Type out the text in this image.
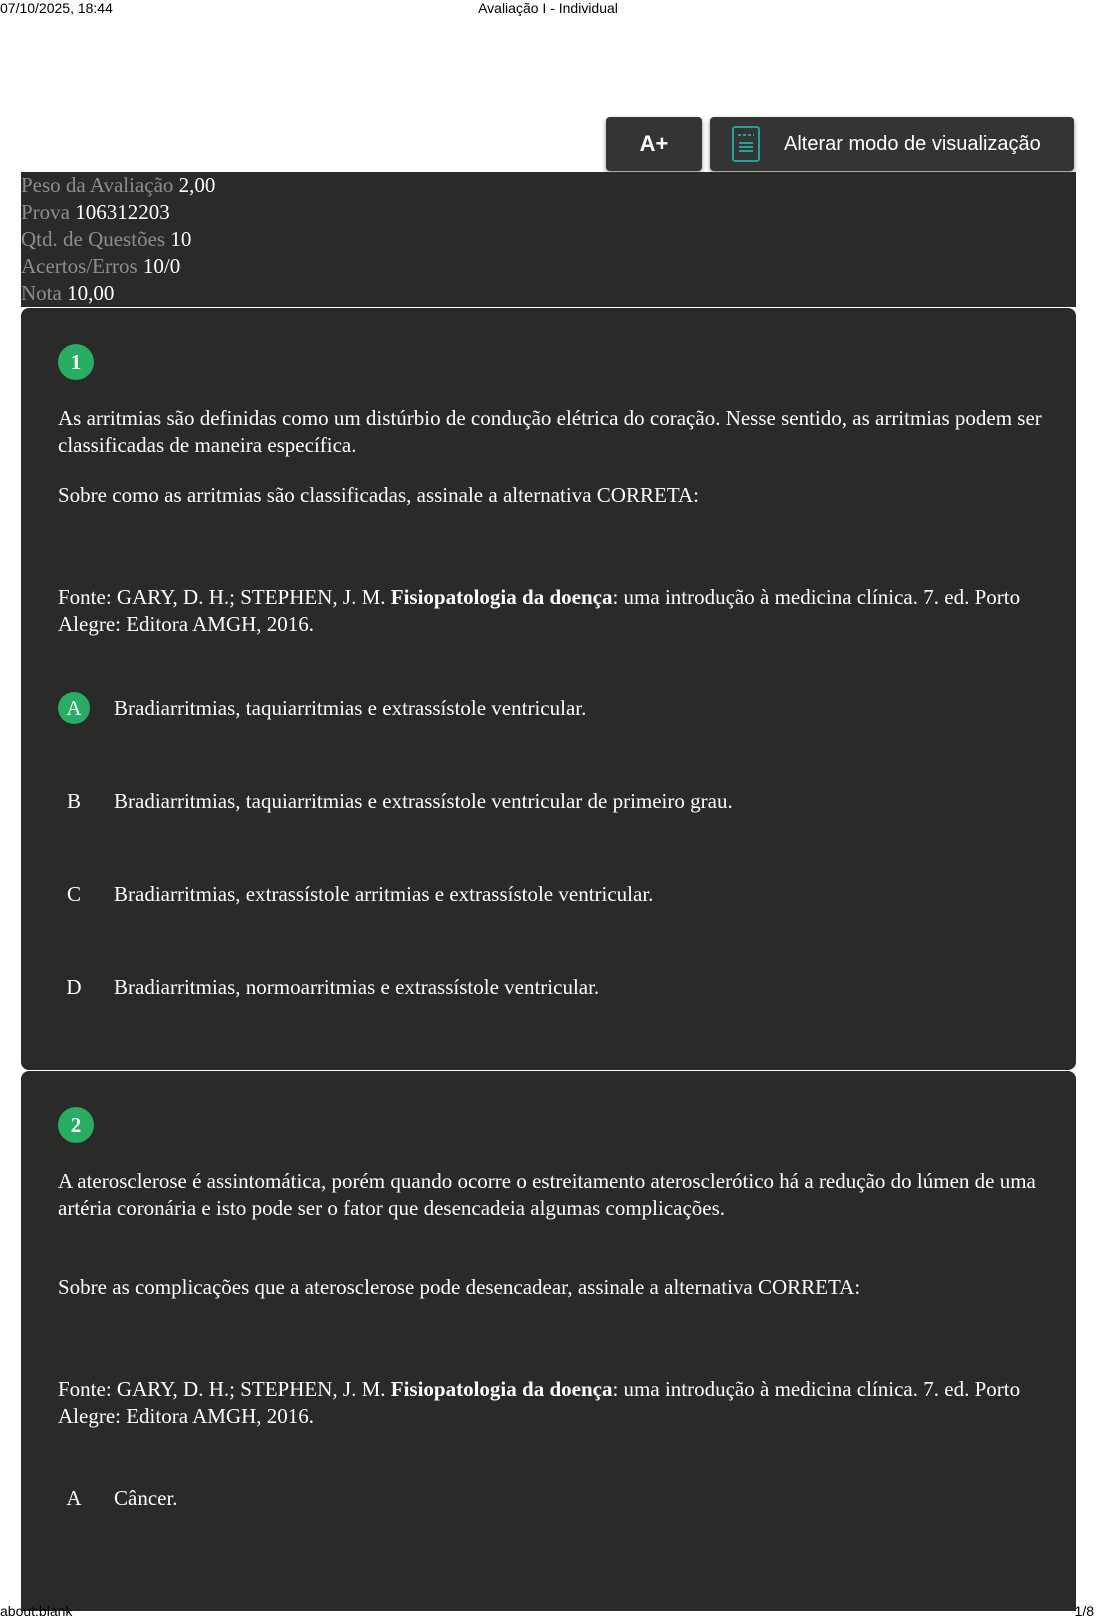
07/10/2025, 18:44	Avaliação I - Individual
A+	Alterar modo de visualização
Peso da Avaliação 2,00
Prova 106312203
Qtd. de Questões 10
Acertos/Erros 10/0
Nota 10,00
1
As arritmias são definidas como um distúrbio de condução elétrica do coração. Nesse sentido, as arritmias podem ser classificadas de maneira específica.
Sobre como as arritmias são classificadas, assinale a alternativa CORRETA:
Fonte: GARY, D. H.; STEPHEN, J. M. Fisiopatologia da doença: uma introdução à medicina clínica. 7. ed. Porto Alegre: Editora AMGH, 2016.
A	Bradiarritmias, taquiarritmias e extrassístole ventricular.
B	Bradiarritmias, taquiarritmias e extrassístole ventricular de primeiro grau.
C	Bradiarritmias, extrassístole arritmias e extrassístole ventricular.
D	Bradiarritmias, normoarritmias e extrassístole ventricular.
2
A aterosclerose é assintomática, porém quando ocorre o estreitamento aterosclerótico há a redução do lúmen de uma artéria coronária e isto pode ser o fator que desencadeia algumas complicações.
Sobre as complicações que a aterosclerose pode desencadear, assinale a alternativa CORRETA:
Fonte: GARY, D. H.; STEPHEN, J. M. Fisiopatologia da doença: uma introdução à medicina clínica. 7. ed. Porto Alegre: Editora AMGH, 2016.
A	Câncer.
about:blank	1/8
